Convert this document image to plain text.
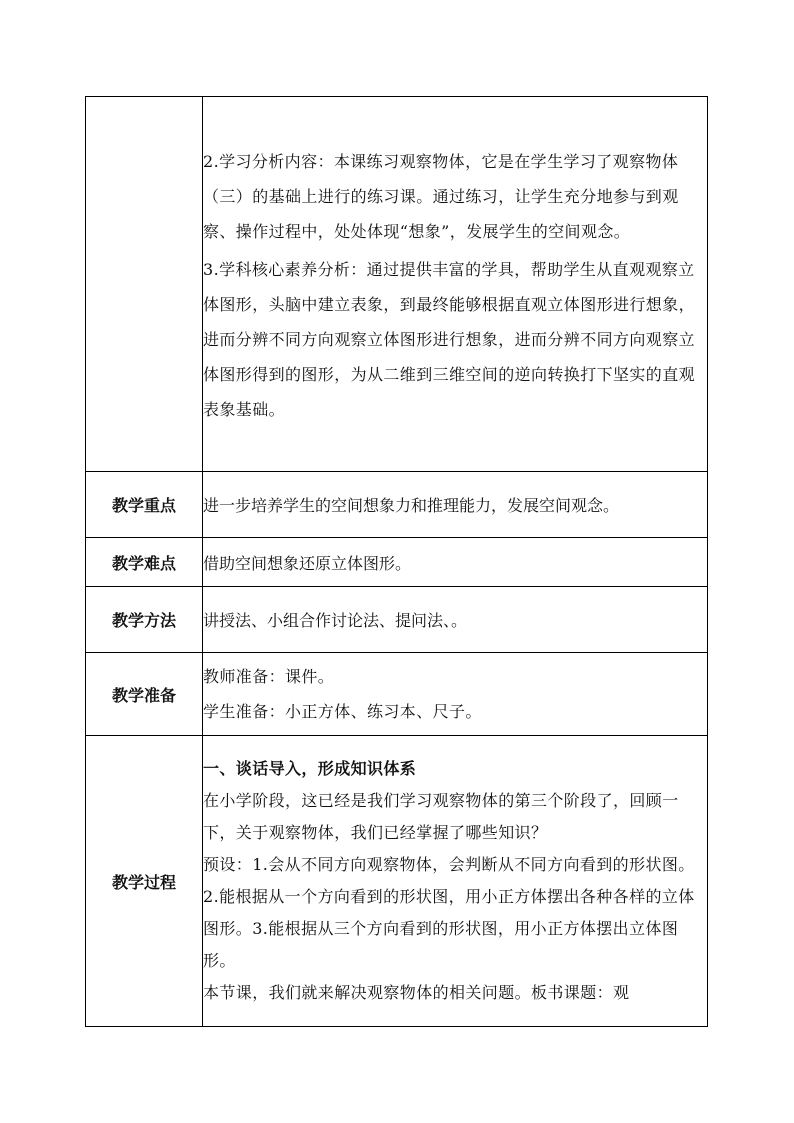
	2.学习分析内容：本课练习观察物体，它是在学生学习了观察物体（三）的基础上进行的练习课。通过练习，让学生充分地参与到观察、操作过程中，处处体现“想象”，发展学生的空间观念。

3.学科核心素养分析：通过提供丰富的学具，帮助学生从直观观察立体图形，头脑中建立表象，到最终能够根据直观立体图形进行想象，进而分辨不同方向观察立体图形进行想象，进而分辨不同方向观察立体图形得到的图形，为从二维到三维空间的逆向转换打下坚实的直观表象基础。

教学重点	进一步培养学生的空间想象力和推理能力，发展空间观念。
教学难点	借助空间想象还原立体图形。
教学方法	讲授法、小组合作讨论法、提问法、。
教学准备	教师准备：课件。

学生准备：小正方体、练习本、尺子。

教学过程	一、谈话导入，形成知识体系

在小学阶段，这已经是我们学习观察物体的第三个阶段了，回顾一下，关于观察物体，我们已经掌握了哪些知识？

预设：1.会从不同方向观察物体，会判断从不同方向看到的形状图。2.能根据从一个方向看到的形状图，用小正方体摆出各种各样的立体图形。3.能根据从三个方向看到的形状图，用小正方体摆出立体图形。

本节课，我们就来解决观察物体的相关问题。板书课题：观
